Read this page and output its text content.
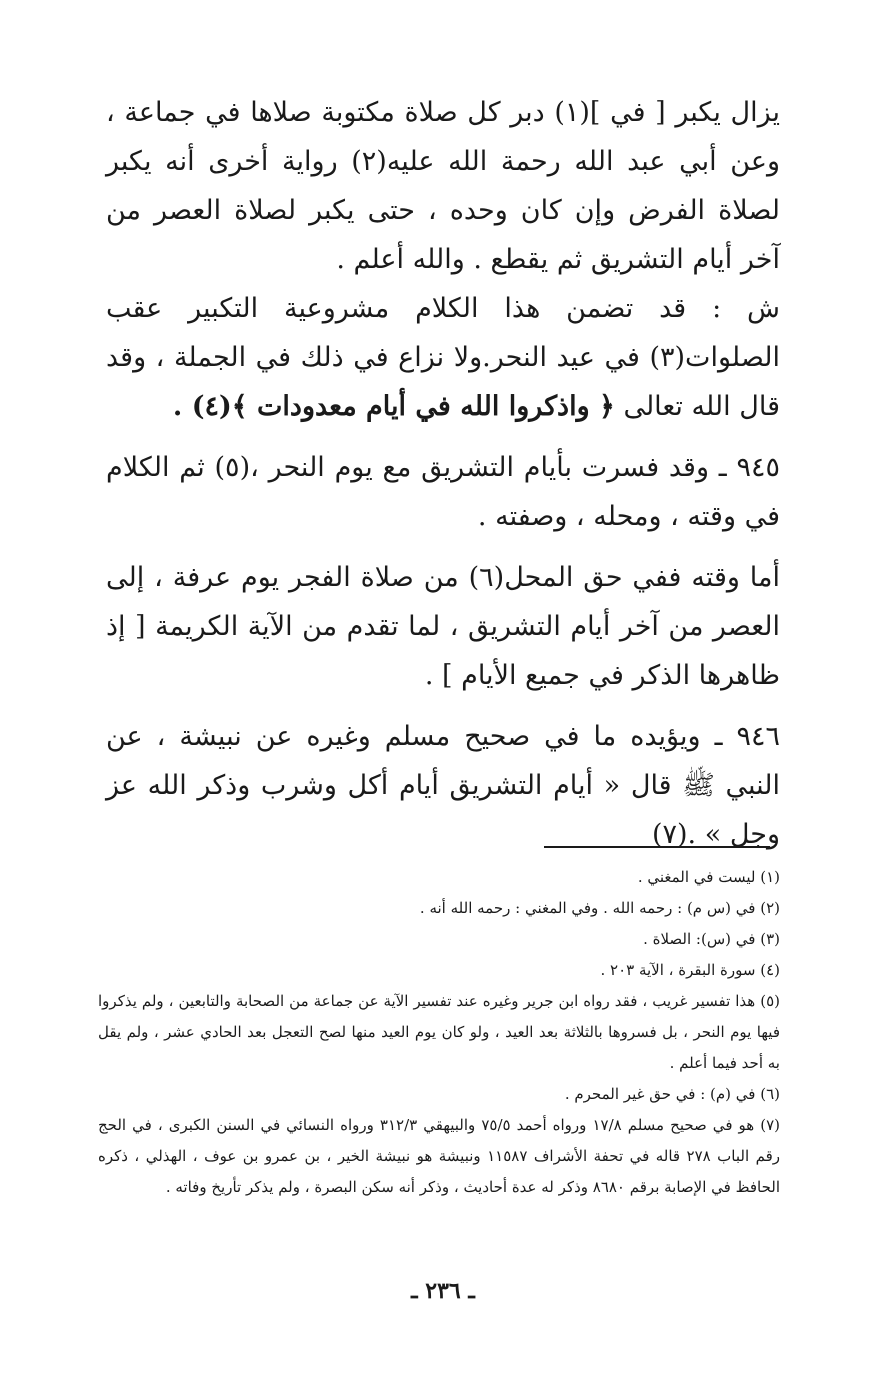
يزال يكبر [ في ](١) دبر كل صلاة مكتوبة صلاها في جماعة ، وعن أبي عبد الله رحمة الله عليه(٢) رواية أخرى أنه يكبر لصلاة الفرض وإن كان وحده ، حتى يكبر لصلاة العصر من آخر أيام التشريق ثم يقطع . والله أعلم .

ش : قد تضمن هذا الكلام مشروعية التكبير عقب الصلوات(٣) في عيد النحر.ولا نزاع في ذلك في الجملة ، وقد قال الله تعالى ﴿ واذكروا الله في أيام معدودات ﴾(٤) .

٩٤٥ ـ وقد فسرت بأيام التشريق مع يوم النحر ،(٥) ثم الكلام في وقته ، ومحله ، وصفته .

أما وقته ففي حق المحل(٦) من صلاة الفجر يوم عرفة ، إلى العصر من آخر أيام التشريق ، لما تقدم من الآية الكريمة [ إذ ظاهرها الذكر في جميع الأيام ] .

٩٤٦ ـ ويؤيده ما في صحيح مسلم وغيره عن نبيشة ، عن النبي ﷺ قال « أيام التشريق أيام أكل وشرب وذكر الله عز وجل » .(٧)

(١) ليست في المغني .

(٢) في (س م) : رحمه الله . وفي المغني : رحمه الله أنه .

(٣) في (س): الصلاة .

(٤) سورة البقرة ، الآية ٢٠٣ .

(٥) هذا تفسير غريب ، فقد رواه ابن جرير وغيره عند تفسير الآية عن جماعة من الصحابة والتابعين ، ولم يذكروا فيها يوم النحر ، بل فسروها بالثلاثة بعد العيد ، ولو كان يوم العيد منها لصح التعجل بعد الحادي عشر ، ولم يقل به أحد فيما أعلم .

(٦) في (م) : في حق غير المحرم .

(٧) هو في صحيح مسلم ١٧/٨ ورواه أحمد ٧٥/٥ والبيهقي ٣١٢/٣ ورواه النسائي في السنن الكبرى ، في الحج رقم الباب ٢٧٨ قاله في تحفة الأشراف ١١٥٨٧ ونبيشة هو نبيشة الخير ، بن عمرو بن عوف ، الهذلي ، ذكره الحافظ في الإصابة برقم ٨٦٨٠ وذكر له عدة أحاديث ، وذكر أنه سكن البصرة ، ولم يذكر تأريخ وفاته .

ـ ٢٣٦ ـ
